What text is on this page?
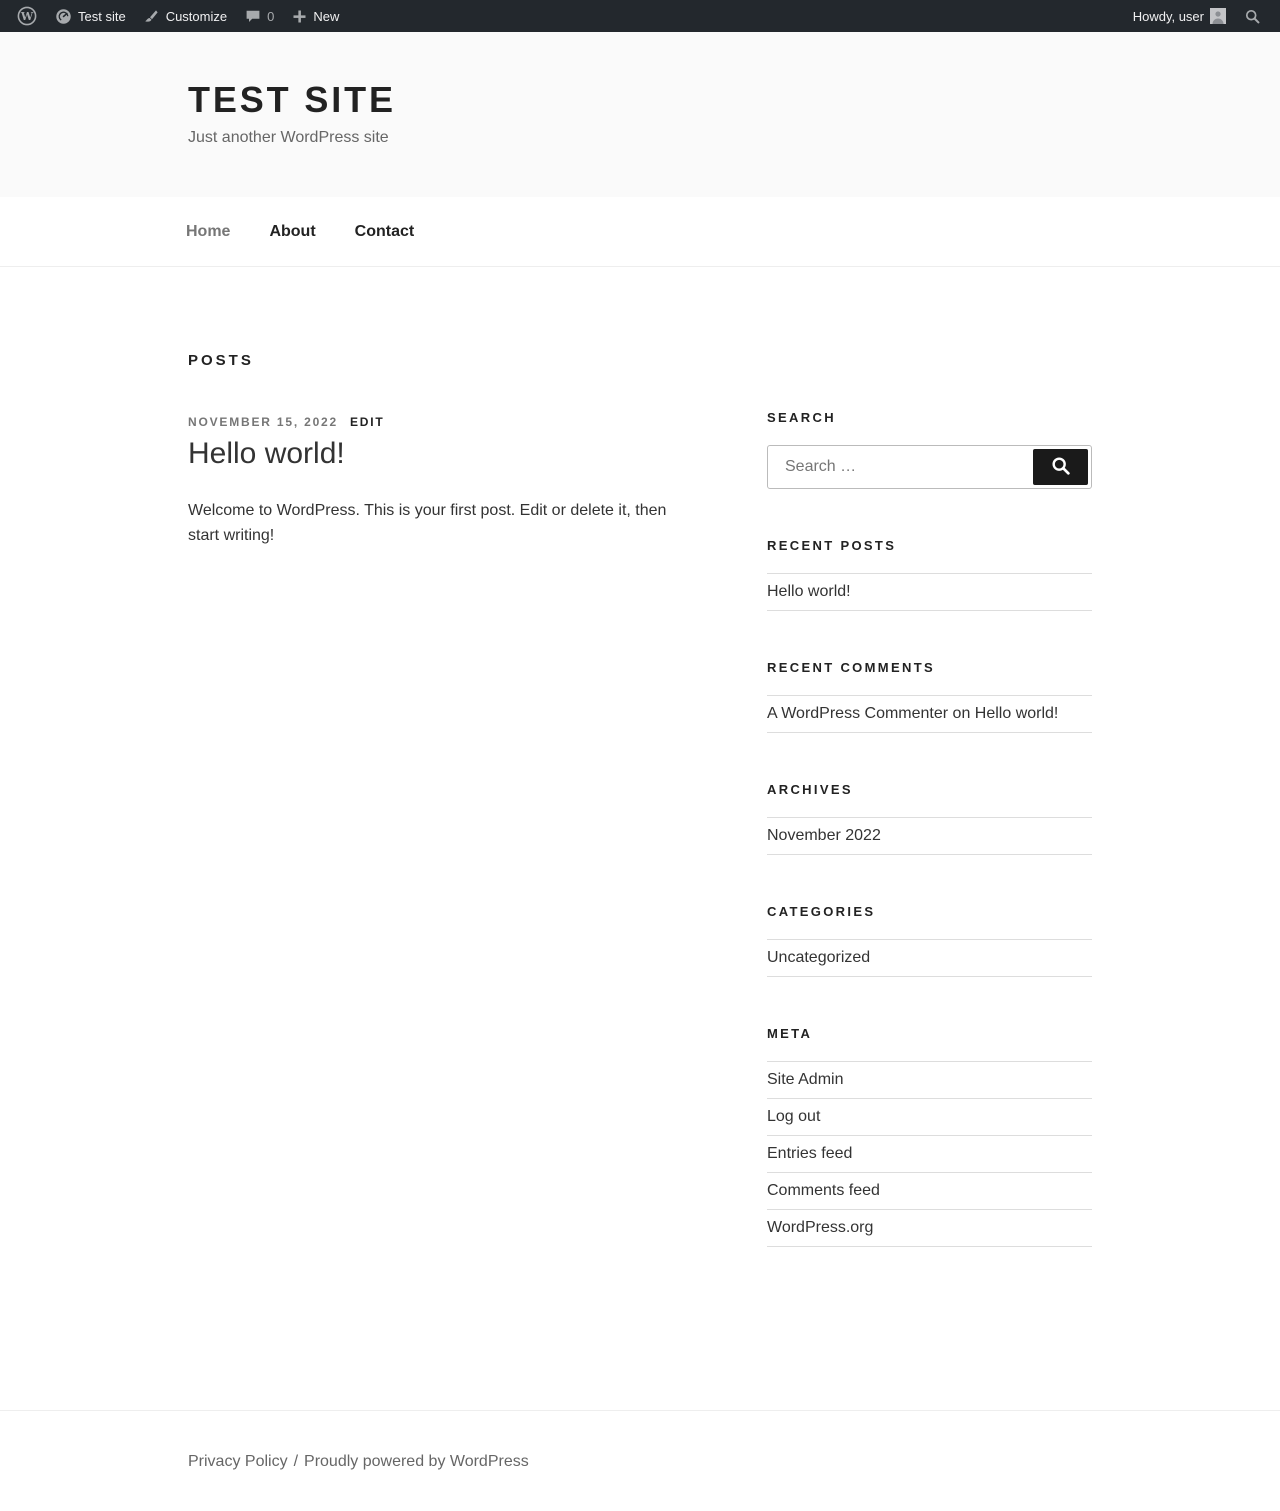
W	Test site	Customize	0	New	Howdy, user
TEST SITE
Just another WordPress site
Home About Contact
POSTS
NOVEMBER 15, 2022 EDIT
Hello world!

Welcome to WordPress. This is your first post. Edit or delete it, then start writing!

SEARCH
Search …
RECENT POSTS
Hello world!
RECENT COMMENTS
A WordPress Commenter on Hello world!
ARCHIVES
November 2022
CATEGORIES
Uncategorized
META
Site Admin
Log out
Entries feed
Comments feed
WordPress.org
Privacy Policy / Proudly powered by WordPress
